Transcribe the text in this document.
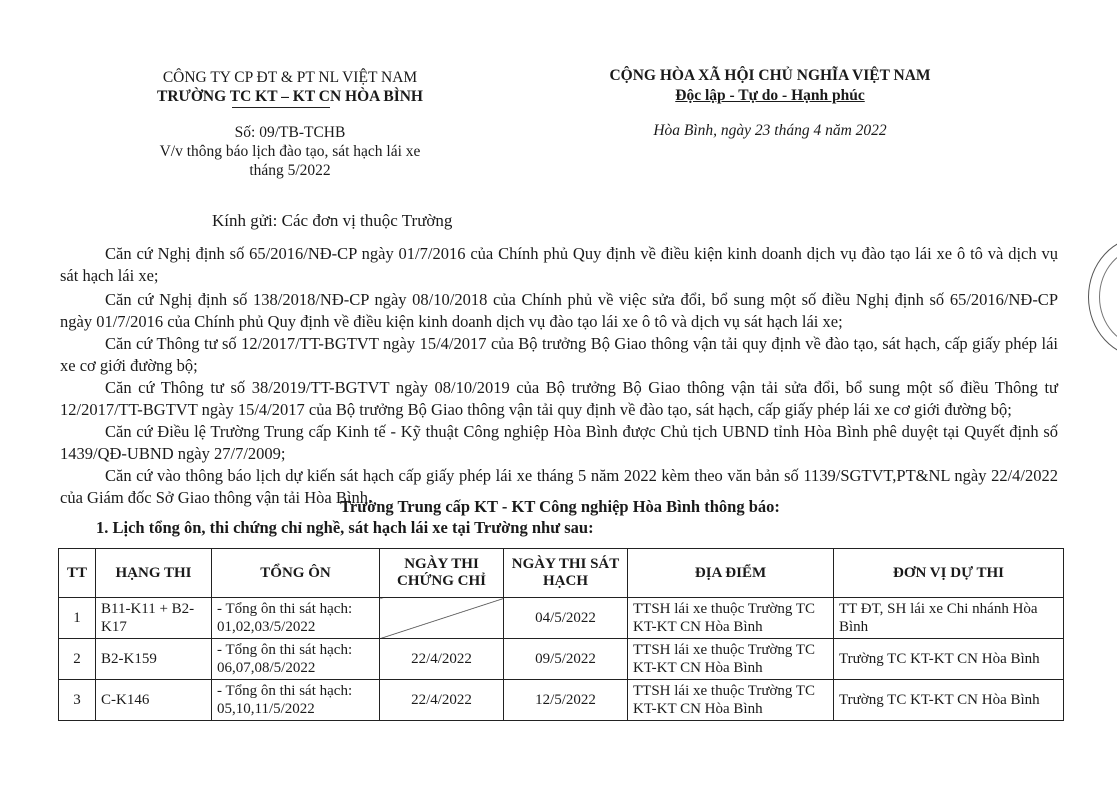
CÔNG TY CP ĐT & PT NL VIỆT NAM
TRƯỜNG TC KT – KT CN HÒA BÌNH
Số: 09/TB-TCHB
V/v thông báo lịch đào tạo, sát hạch lái xe
tháng 5/2022
CỘNG HÒA XÃ HỘI CHỦ NGHĨA VIỆT NAM
Độc lập - Tự do - Hạnh phúc
Hòa Bình, ngày 23 tháng 4 năm 2022
Kính gửi: Các đơn vị thuộc Trường
Căn cứ Nghị định số 65/2016/NĐ-CP ngày 01/7/2016 của Chính phủ Quy định về điều kiện kinh doanh dịch vụ đào tạo lái xe ô tô và dịch vụ sát hạch lái xe;
Căn cứ Nghị định số 138/2018/NĐ-CP ngày 08/10/2018 của Chính phủ về việc sửa đổi, bổ sung một số điều Nghị định số 65/2016/NĐ-CP ngày 01/7/2016 của Chính phủ Quy định về điều kiện kinh doanh dịch vụ đào tạo lái xe ô tô và dịch vụ sát hạch lái xe;
Căn cứ Thông tư số 12/2017/TT-BGTVT ngày 15/4/2017 của Bộ trưởng Bộ Giao thông vận tải quy định về đào tạo, sát hạch, cấp giấy phép lái xe cơ giới đường bộ;
Căn cứ Thông tư số 38/2019/TT-BGTVT ngày 08/10/2019 của Bộ trưởng Bộ Giao thông vận tải sửa đổi, bổ sung một số điều Thông tư 12/2017/TT-BGTVT ngày 15/4/2017 của Bộ trưởng Bộ Giao thông vận tải quy định về đào tạo, sát hạch, cấp giấy phép lái xe cơ giới đường bộ;
Căn cứ Điều lệ Trường Trung cấp Kinh tế - Kỹ thuật Công nghiệp Hòa Bình được Chủ tịch UBND tỉnh Hòa Bình phê duyệt tại Quyết định số 1439/QĐ-UBND ngày 27/7/2009;
Căn cứ vào thông báo lịch dự kiến sát hạch cấp giấy phép lái xe tháng 5 năm 2022 kèm theo văn bản số 1139/SGTVT,PT&NL ngày 22/4/2022 của Giám đốc Sở Giao thông vận tải Hòa Bình.
Trường Trung cấp KT - KT Công nghiệp Hòa Bình thông báo:
1. Lịch tổng ôn, thi chứng chỉ nghề, sát hạch lái xe tại Trường như sau:
TT	HẠNG THI	TỔNG ÔN	NGÀY THI CHỨNG CHỈ	NGÀY THI SÁT HẠCH	ĐỊA ĐIỂM	ĐƠN VỊ DỰ THI
1	B11-K11 + B2-K17	- Tổng ôn thi sát hạch: 01,02,03/5/2022		04/5/2022	TTSH lái xe thuộc Trường TC KT-KT CN Hòa Bình	TT ĐT, SH lái xe Chi nhánh Hòa Bình
2	B2-K159	- Tổng ôn thi sát hạch: 06,07,08/5/2022	22/4/2022	09/5/2022	TTSH lái xe thuộc Trường TC KT-KT CN Hòa Bình	Trường TC KT-KT CN Hòa Bình
3	C-K146	- Tổng ôn thi sát hạch: 05,10,11/5/2022	22/4/2022	12/5/2022	TTSH lái xe thuộc Trường TC KT-KT CN Hòa Bình	Trường TC KT-KT CN Hòa Bình
